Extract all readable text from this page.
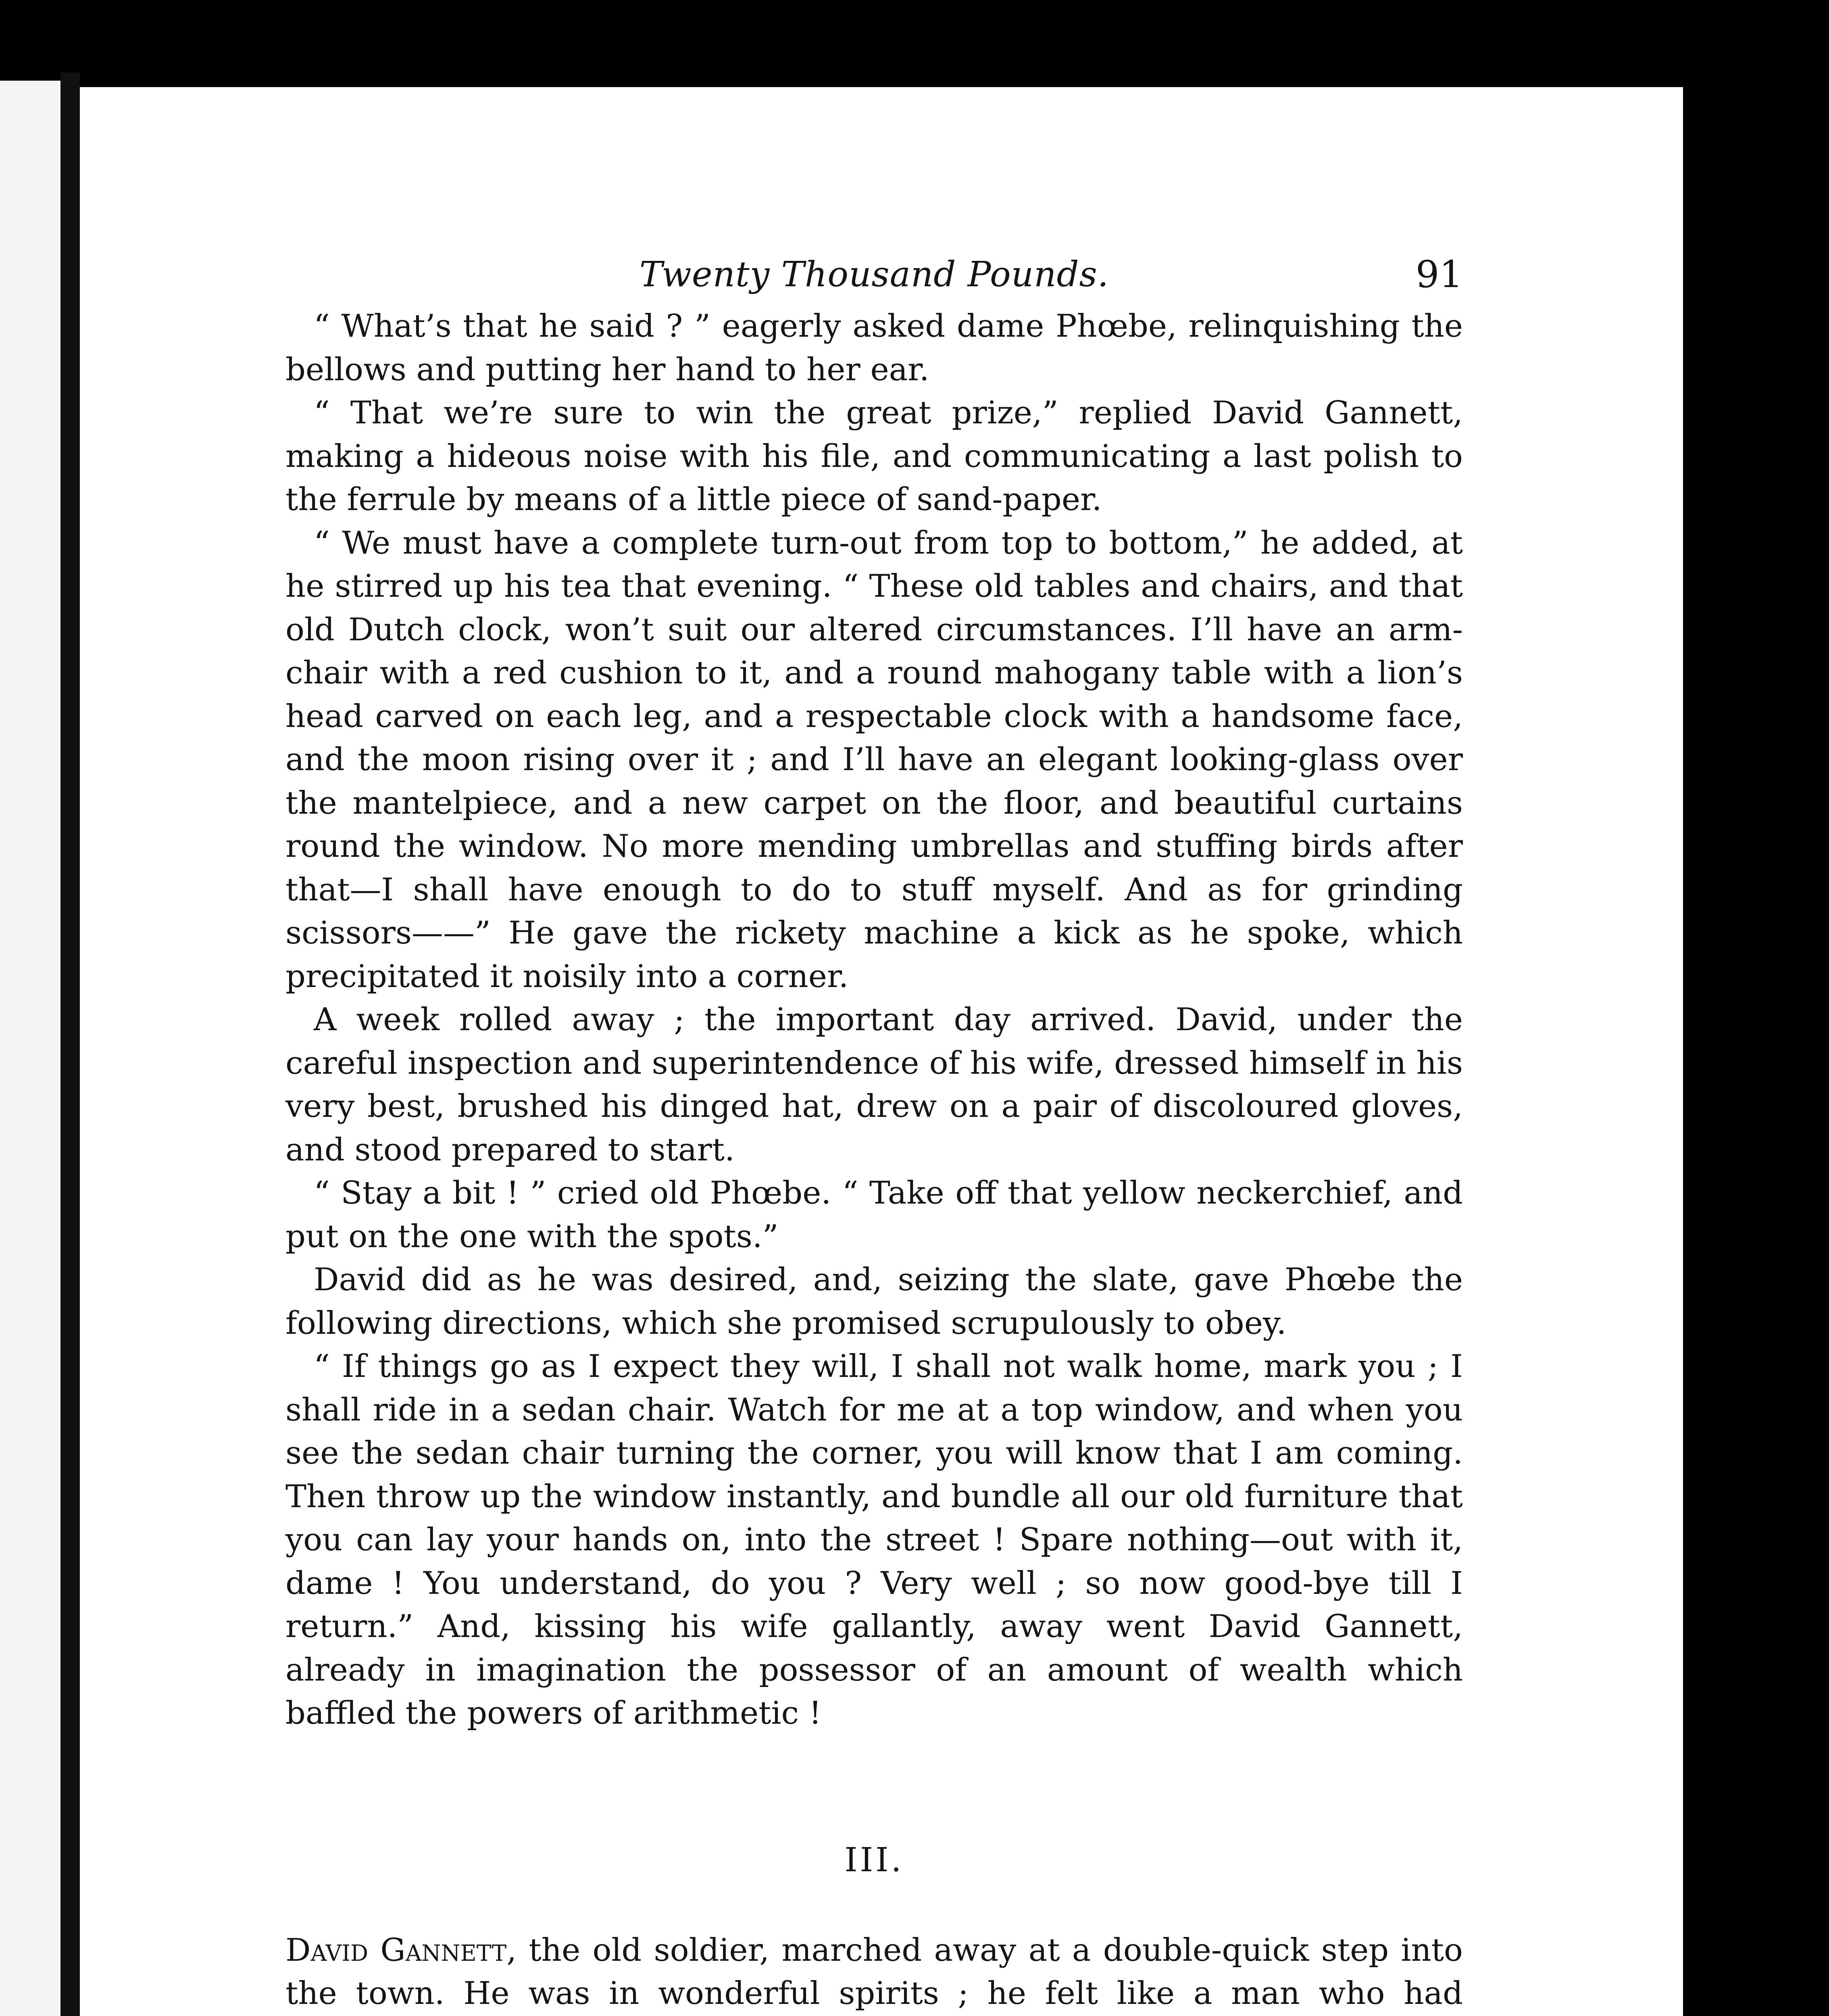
Twenty Thousand Pounds.	91

“ What’s that he said ? ” eagerly asked dame Phœbe, relinquishing the bellows and putting her hand to her ear.

“ That we’re sure to win the great prize,” replied David Gannett, making a hideous noise with his file, and communicating a last polish to the ferrule by means of a little piece of sand-paper.

“ We must have a complete turn-out from top to bottom,” he added, at he stirred up his tea that evening. “ These old tables and chairs, and that old Dutch clock, won’t suit our altered circumstances. I’ll have an arm-chair with a red cushion to it, and a round mahogany table with a lion’s head carved on each leg, and a respectable clock with a handsome face, and the moon rising over it ; and I’ll have an elegant looking-glass over the mantelpiece, and a new carpet on the floor, and beautiful curtains round the window. No more mending umbrellas and stuffing birds after that—I shall have enough to do to stuff myself. And as for grinding scissors——” He gave the rickety machine a kick as he spoke, which precipitated it noisily into a corner.

A week rolled away ; the important day arrived. David, under the careful inspection and superintendence of his wife, dressed himself in his very best, brushed his dinged hat, drew on a pair of discoloured gloves, and stood prepared to start.

“ Stay a bit ! ” cried old Phœbe. “ Take off that yellow neckerchief, and put on the one with the spots.”

David did as he was desired, and, seizing the slate, gave Phœbe the following directions, which she promised scrupulously to obey.

“ If things go as I expect they will, I shall not walk home, mark you ; I shall ride in a sedan chair. Watch for me at a top window, and when you see the sedan chair turning the corner, you will know that I am coming. Then throw up the window instantly, and bundle all our old furniture that you can lay your hands on, into the street ! Spare nothing—out with it, dame ! You understand, do you ? Very well ; so now good-bye till I return.” And, kissing his wife gallantly, away went David Gannett, already in imagination the possessor of an amount of wealth which baffled the powers of arithmetic !

III.

David Gannett, the old soldier, marched away at a double-quick step into the town. He was in wonderful spirits ; he felt like a man who had
